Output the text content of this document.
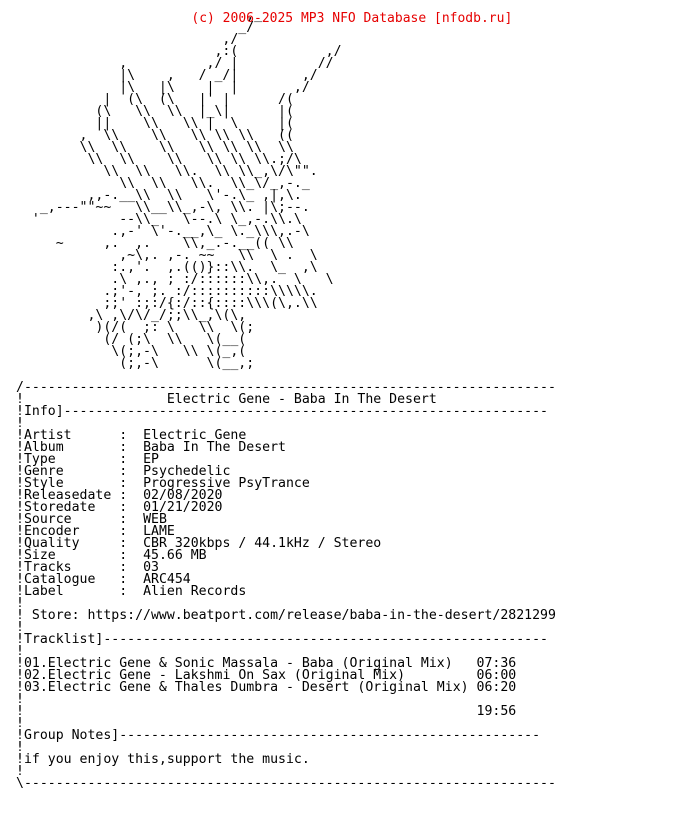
(c) 2006-2025 MP3 NFO Database [nfodb.ru]

,_
_/
,/
,:(           ,/
,          ,/ |          //
|\    ,   / _/|        ,/
|\   |\    |  |       ,/
|  (\  (\   |' |      /(
(\   \\  \\  |_\|      |(
||    \\   \\ |  \     |(
,  \\    \\   \\ \\ \\   ((
\\  \\    \\   \\ \\ \\  \\
\\  \\    \\   \\ \\ \\.;/\
\\  \\   \\.  \\ \\_,\/\"".
\\  \\   \\.  \\_\/_,-._
,,-.__\\  \\   \'-.\_ ,|,\.
_,---""~~   \\__\\_,-\, \\. |\;--.
'          --\\_   \--.\ \_,-.\\.\
.,-' \'-.__,\_ \._\\\,.-\
~     ,.  ,.    \\,_.-.__(( \\
,~\,. ,-. ~~   \\  \ .  \
:.,'.  ,.(()}::\\.  \_  ,\
.\ ,., ; :/::::::\\,.  \   \
.;'-, ;. :/::::::::::\\\\\.
;;' :;:/{:/::{::::\\\(\,.\\
,\ ,\/\/_/;;\\_,\(\,
)(/(  ;: \   \\  \(;
(/ (;\  \\   \(__(
\(;,-\   \\ \(_,(
(;,-\      \(__,;

/-------------------------------------------------------------------
!                  Electric Gene - Baba In The Desert
!Info]-------------------------------------------------------------
!
!Artist      :  Electric Gene
!Album       :  Baba In The Desert
!Type        :  EP
!Genre       :  Psychedelic
!Style       :  Progressive PsyTrance
!Releasedate :  02/08/2020
!Storedate   :  01/21/2020
!Source      :  WEB
!Encoder     :  LAME
!Quality     :  CBR 320kbps / 44.1kHz / Stereo
!Size        :  45.66 MB
!Tracks      :  03
!Catalogue   :  ARC454
!Label       :  Alien Records
!
! Store: https://www.beatport.com/release/baba-in-the-desert/2821299
!
!Tracklist]--------------------------------------------------------
!
!01.Electric Gene & Sonic Massala - Baba (Original Mix) 07:36
!02.Electric Gene - Lakshmi On Sax (Original Mix)	06:00
!03.Electric Gene & Thales Dumbra - Desert (Original Mix) 06:20
!
!                                                         19:56
!
!Group Notes]-----------------------------------------------------
!
!if you enjoy this,support the music.
!
\-------------------------------------------------------------------
